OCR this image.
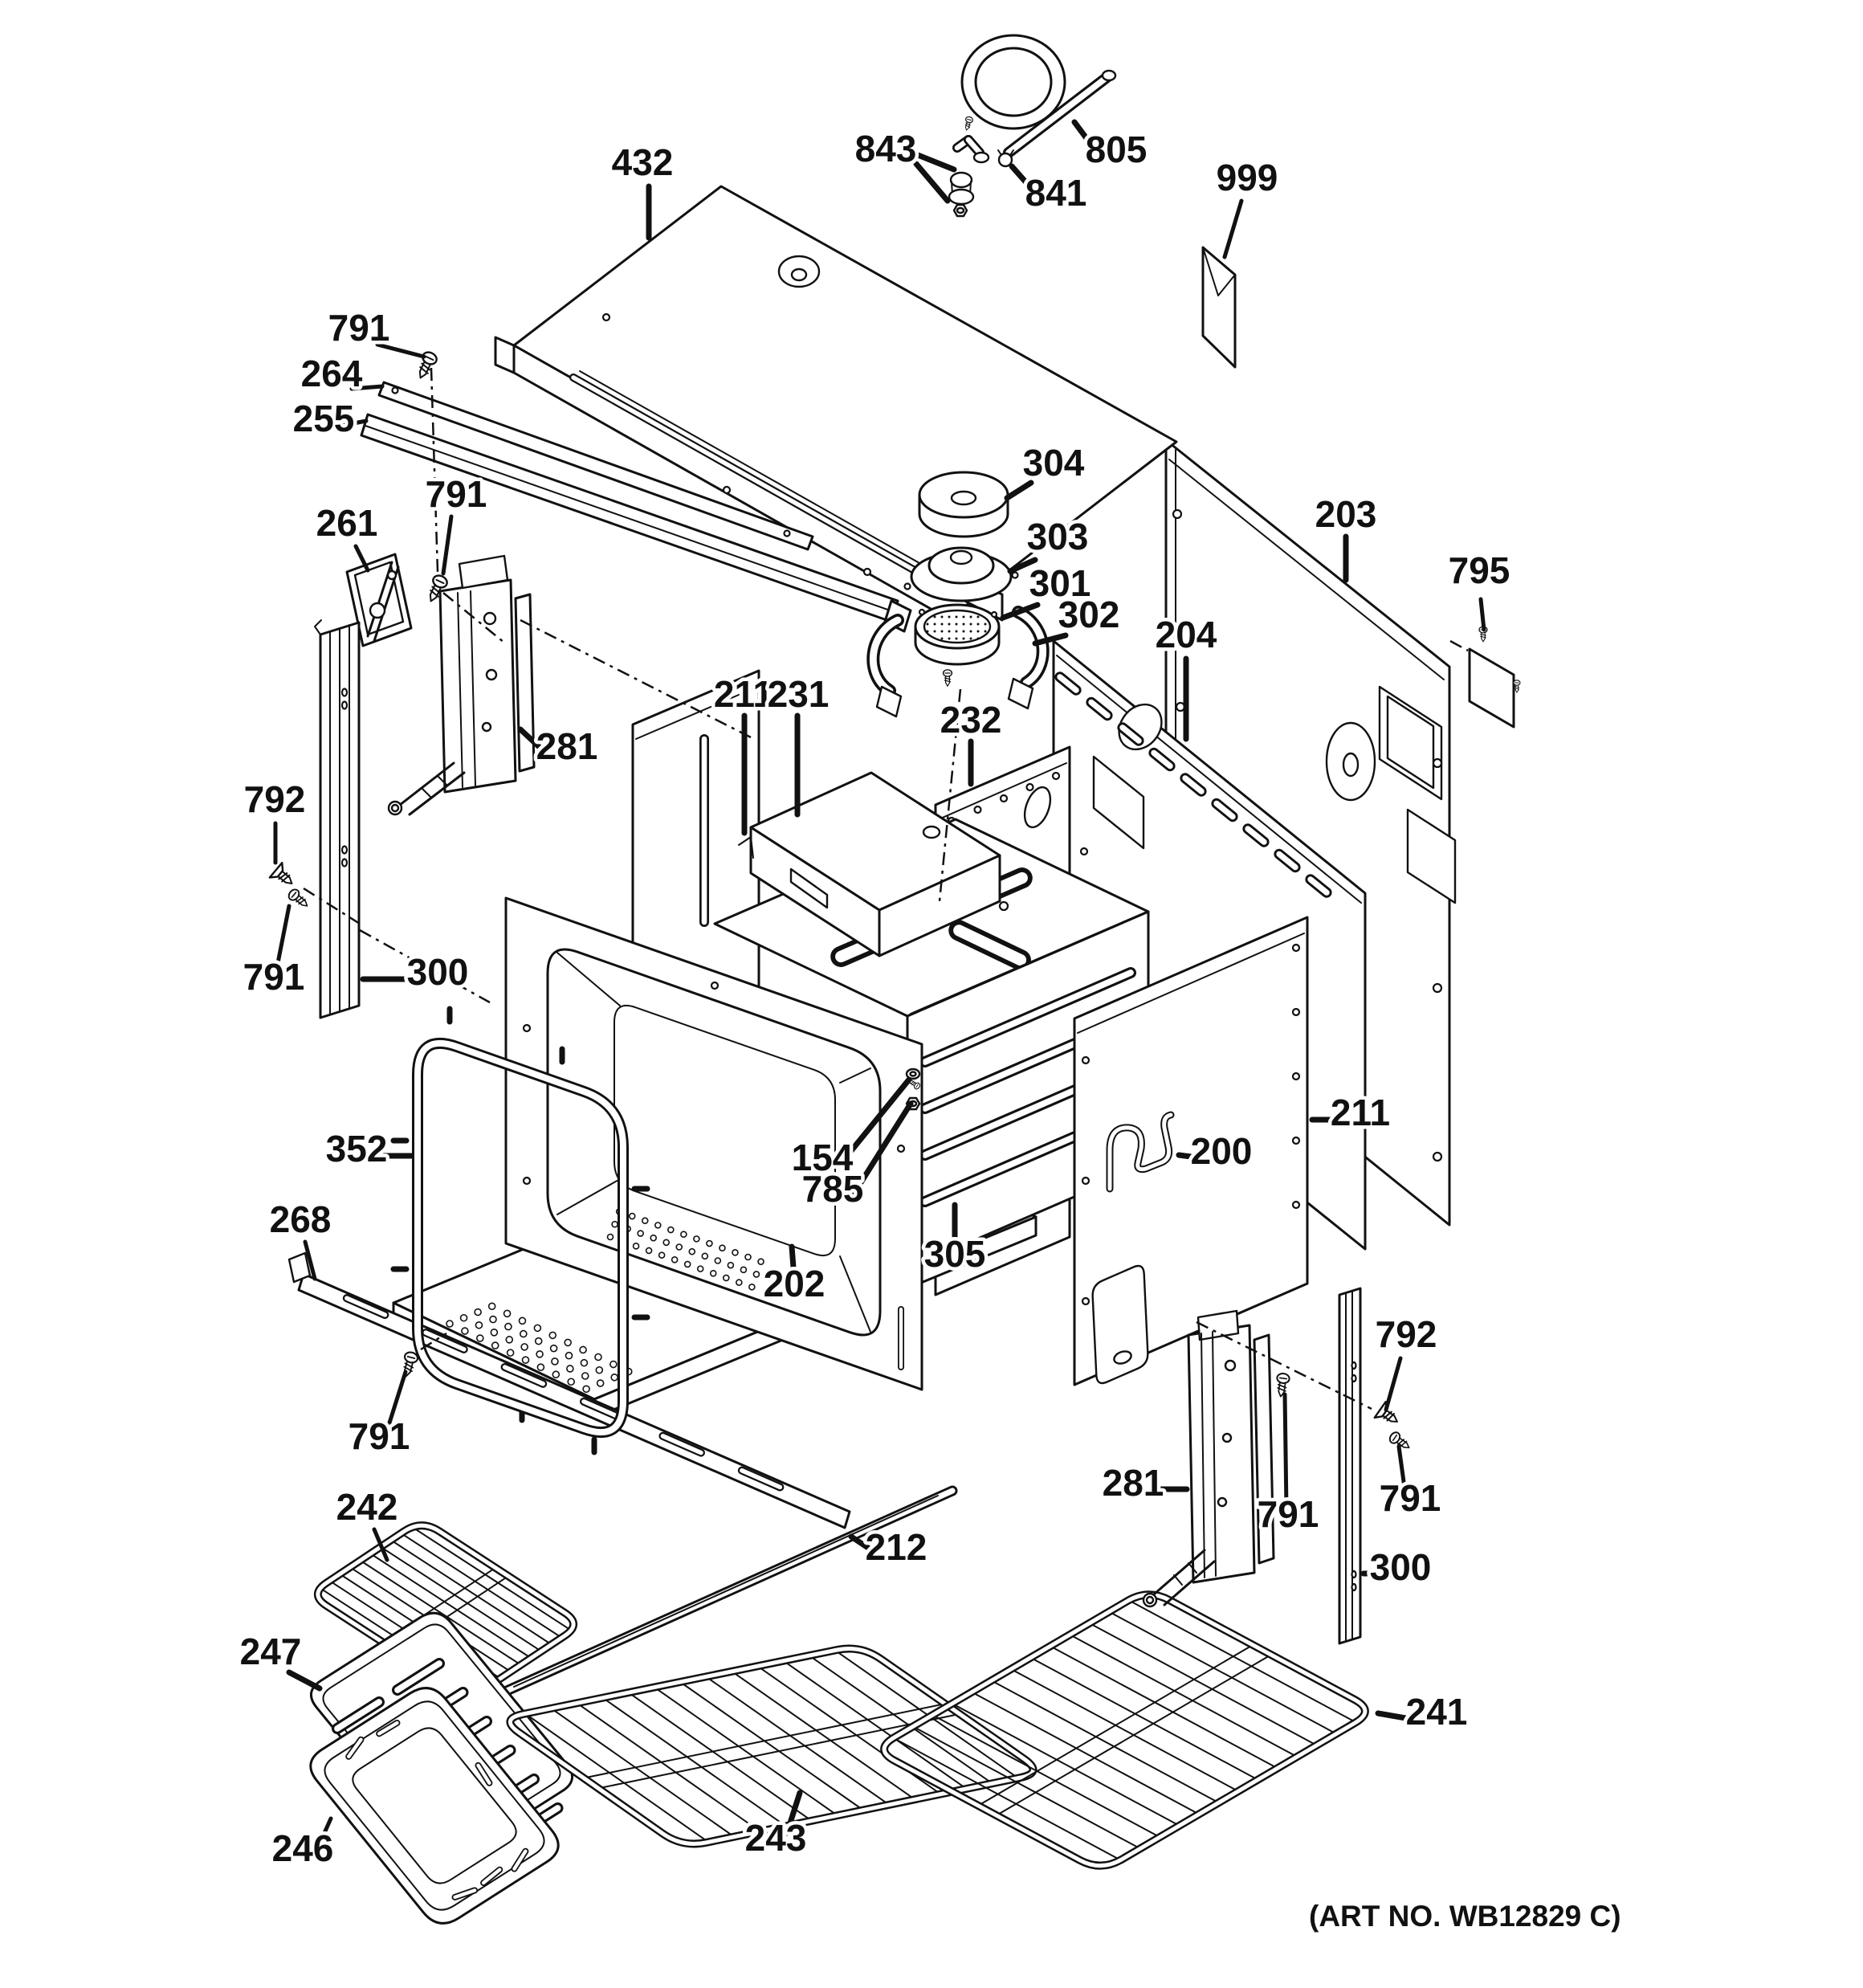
432	843
841
805
999
791
264
255
791
261
281
304
303
301
302
203
795
204
211
231
232
792
791	300
352	154
785
305
202
200
211
268
791
242
212
247
246	243
241
281
791
792
791
300
(ART NO. WB12829 C)
